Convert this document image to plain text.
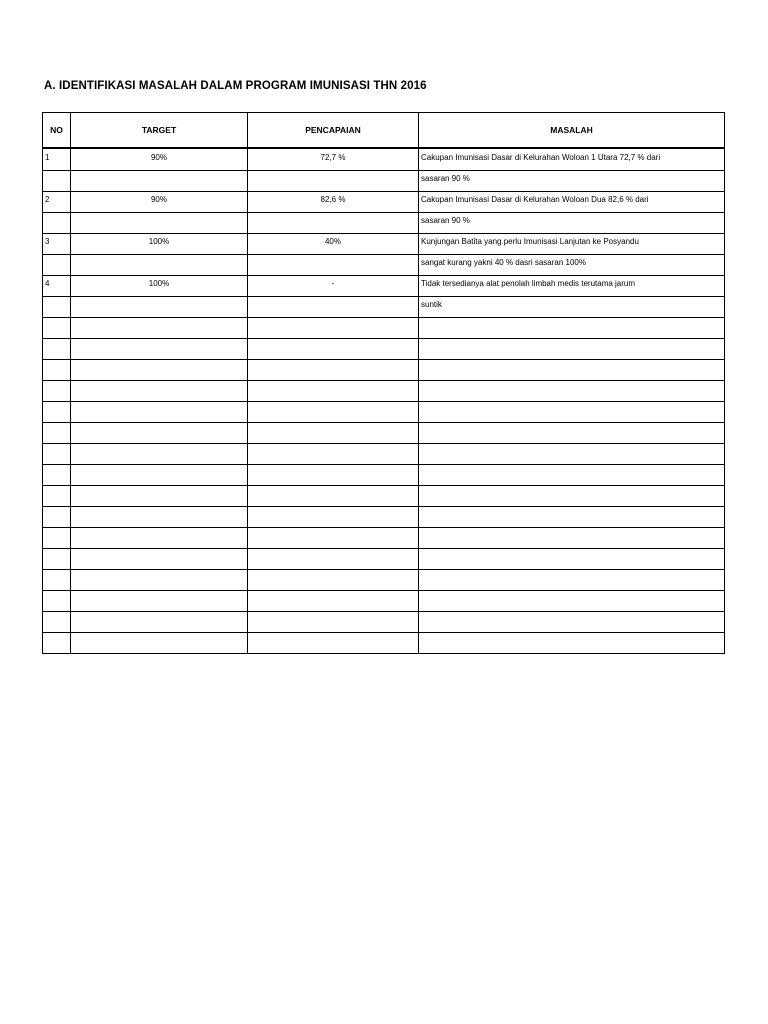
A. IDENTIFIKASI MASALAH DALAM PROGRAM IMUNISASI THN 2016
NO	TARGET	PENCAPAIAN	MASALAH
1	90%	72,7 %	Cakupan Imunisasi Dasar di Kelurahan Woloan 1 Utara 72,7 % dari
			sasaran 90 %
2	90%	82,6 %	Cakupan Imunisasi Dasar di Kelurahan Woloan Dua 82,6 % dari
			sasaran 90 %
3	100%	40%	Kunjungan Batita yang perlu Imunisasi Lanjutan ke Posyandu
			sangat kurang yakni 40 % dasri sasaran 100%
4	100%	-	Tidak tersedianya alat penolah limbah medis terutama jarum
			suntik
